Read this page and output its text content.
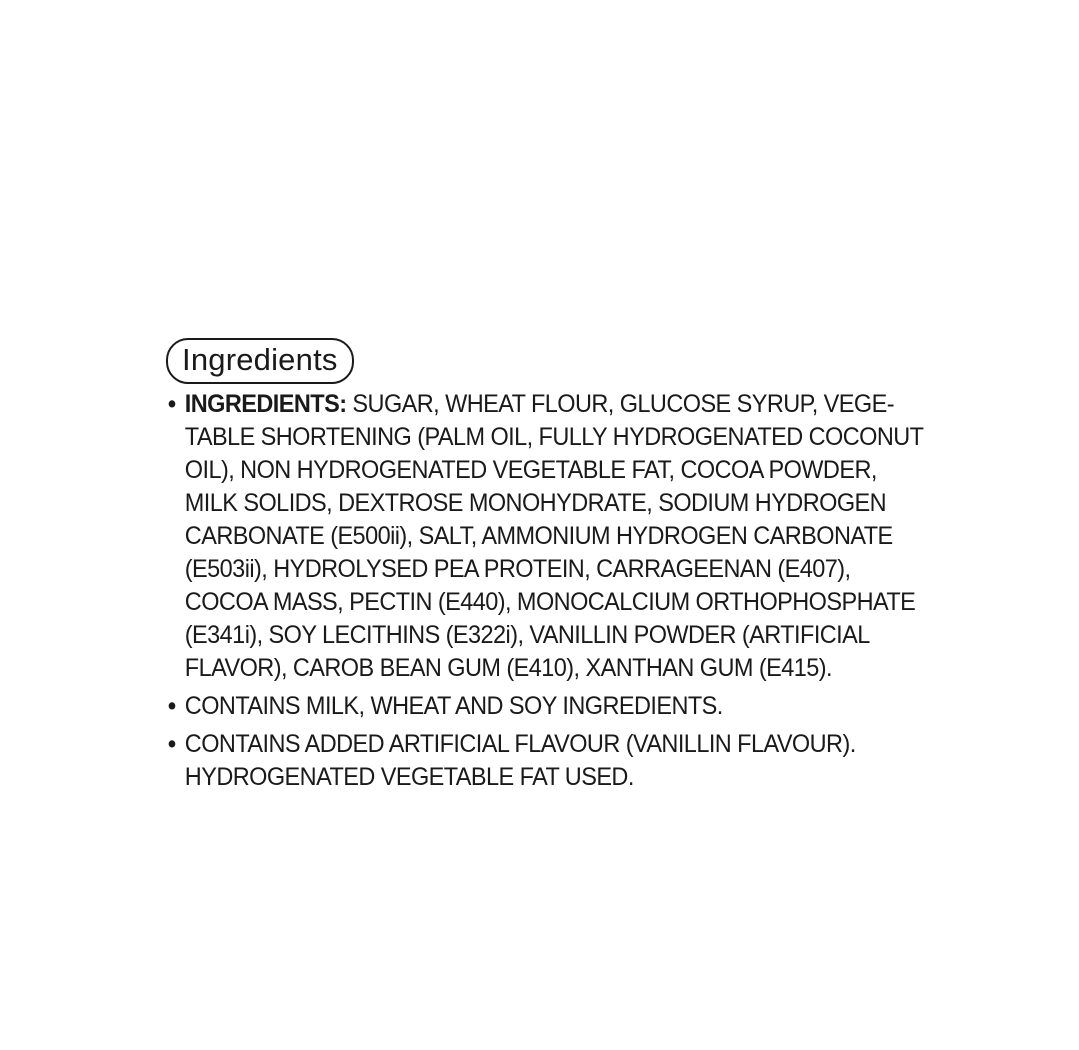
Ingredients
• INGREDIENTS: SUGAR, WHEAT FLOUR, GLUCOSE SYRUP, VEGE-
TABLE SHORTENING (PALM OIL, FULLY HYDROGENATED COCONUT
OIL), NON HYDROGENATED VEGETABLE FAT, COCOA POWDER,
MILK SOLIDS, DEXTROSE MONOHYDRATE, SODIUM HYDROGEN
CARBONATE (E500ii), SALT, AMMONIUM HYDROGEN CARBONATE
(E503ii), HYDROLYSED PEA PROTEIN, CARRAGEENAN (E407),
COCOA MASS, PECTIN (E440), MONOCALCIUM ORTHOPHOSPHATE
(E341i), SOY LECITHINS (E322i), VANILLIN POWDER (ARTIFICIAL
FLAVOR), CAROB BEAN GUM (E410), XANTHAN GUM (E415).
• CONTAINS MILK, WHEAT AND SOY INGREDIENTS.
• CONTAINS ADDED ARTIFICIAL FLAVOUR (VANILLIN FLAVOUR).
HYDROGENATED VEGETABLE FAT USED.
